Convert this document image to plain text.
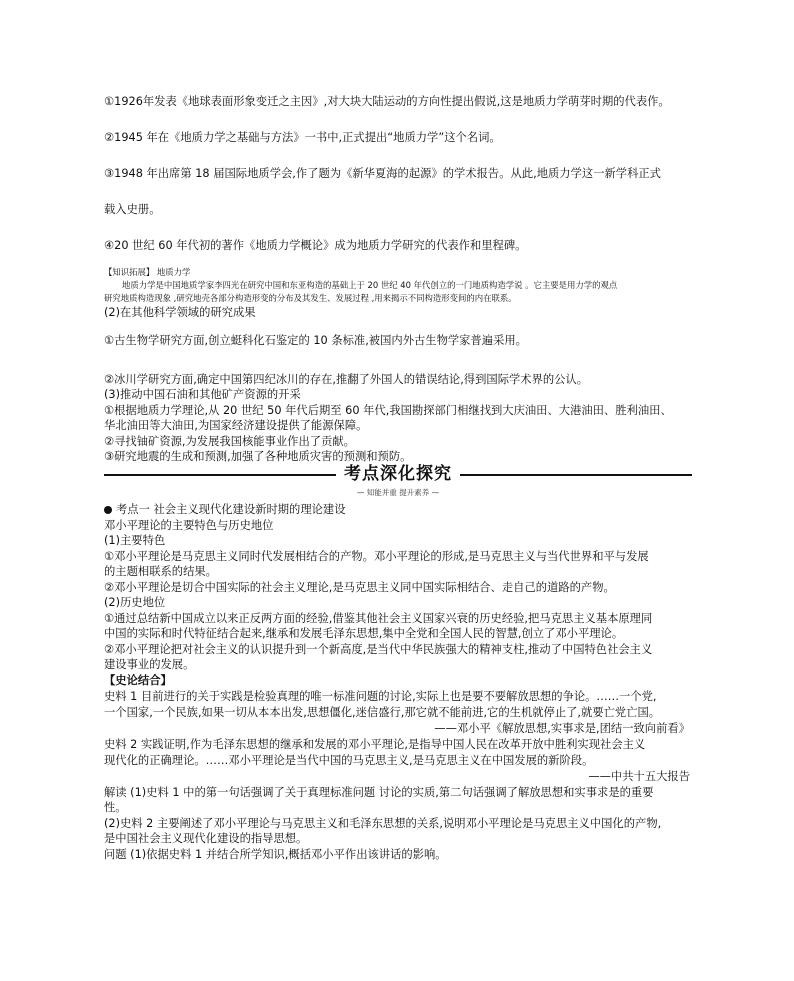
①1926年发表《地球表面形象变迁之主因》,对大块大陆运动的方向性提出假说,这是地质力学萌芽时期的代表作。
②1945 年在《地质力学之基础与方法》一书中,正式提出“地质力学”这个名词。
③1948 年出席第 18 届国际地质学会,作了题为《新华夏海的起源》的学术报告。从此,地质力学这一新学科正式
载入史册。
④20 世纪 60 年代初的著作《地质力学概论》成为地质力学研究的代表作和里程碑。
【知识拓展】 地质力学
地质力学是中国地质学家李四光在研究中国和东亚构造的基础上于 20 世纪 40 年代创立的一门地质构造学说 。它主要是用力学的观点
研究地质构造现象 ,研究地壳各部分构造形变的分布及其发生、发展过程 ,用来揭示不同构造形变间的内在联系。
(2)在其他科学领域的研究成果
①古生物学研究方面,创立蜓科化石鉴定的 10 条标准,被国内外古生物学家普遍采用。
②冰川学研究方面,确定中国第四纪冰川的存在,推翻了外国人的错误结论,得到国际学术界的公认。
(3)推动中国石油和其他矿产资源的开采
①根据地质力学理论,从 20 世纪 50 年代后期至 60 年代,我国勘探部门相继找到大庆油田、大港油田、胜利油田、
华北油田等大油田,为国家经济建设提供了能源保障。
②寻找铀矿资源,为发展我国核能事业作出了贡献。
③研究地震的生成和预测,加强了各种地质灾害的预测和预防。
考点深化探究
— 知能并重 提升素养 —
考点一 社会主义现代化建设新时期的理论建设
邓小平理论的主要特色与历史地位
(1)主要特色
①邓小平理论是马克思主义同时代发展相结合的产物。邓小平理论的形成,是马克思主义与当代世界和平与发展
的主题相联系的结果。
②邓小平理论是切合中国实际的社会主义理论,是马克思主义同中国实际相结合、走自己的道路的产物。
(2)历史地位
①通过总结新中国成立以来正反两方面的经验,借鉴其他社会主义国家兴衰的历史经验,把马克思主义基本原理同
中国的实际和时代特征结合起来,继承和发展毛泽东思想,集中全党和全国人民的智慧,创立了邓小平理论。
②邓小平理论把对社会主义的认识提升到一个新高度,是当代中华民族强大的精神支柱,推动了中国特色社会主义
建设事业的发展。
【史论结合】
史料 1 目前进行的关于实践是检验真理的唯一标准问题的讨论,实际上也是要不要解放思想的争论。……一个党,
一个国家,一个民族,如果一切从本本出发,思想僵化,迷信盛行,那它就不能前进,它的生机就停止了,就要亡党亡国。
——邓小平《解放思想,实事求是,团结一致向前看》
史料 2 实践证明,作为毛泽东思想的继承和发展的邓小平理论,是指导中国人民在改革开放中胜利实现社会主义
现代化的正确理论。……邓小平理论是当代中国的马克思主义,是马克思主义在中国发展的新阶段。
——中共十五大报告
解读 (1)史料 1 中的第一句话强调了关于真理标准问题 讨论的实质,第二句话强调了解放思想和实事求是的重要
性。
(2)史料 2 主要阐述了邓小平理论与马克思主义和毛泽东思想的关系,说明邓小平理论是马克思主义中国化的产物,
是中国社会主义现代化建设的指导思想。
问题 (1)依据史料 1 并结合所学知识,概括邓小平作出该讲话的影响。
